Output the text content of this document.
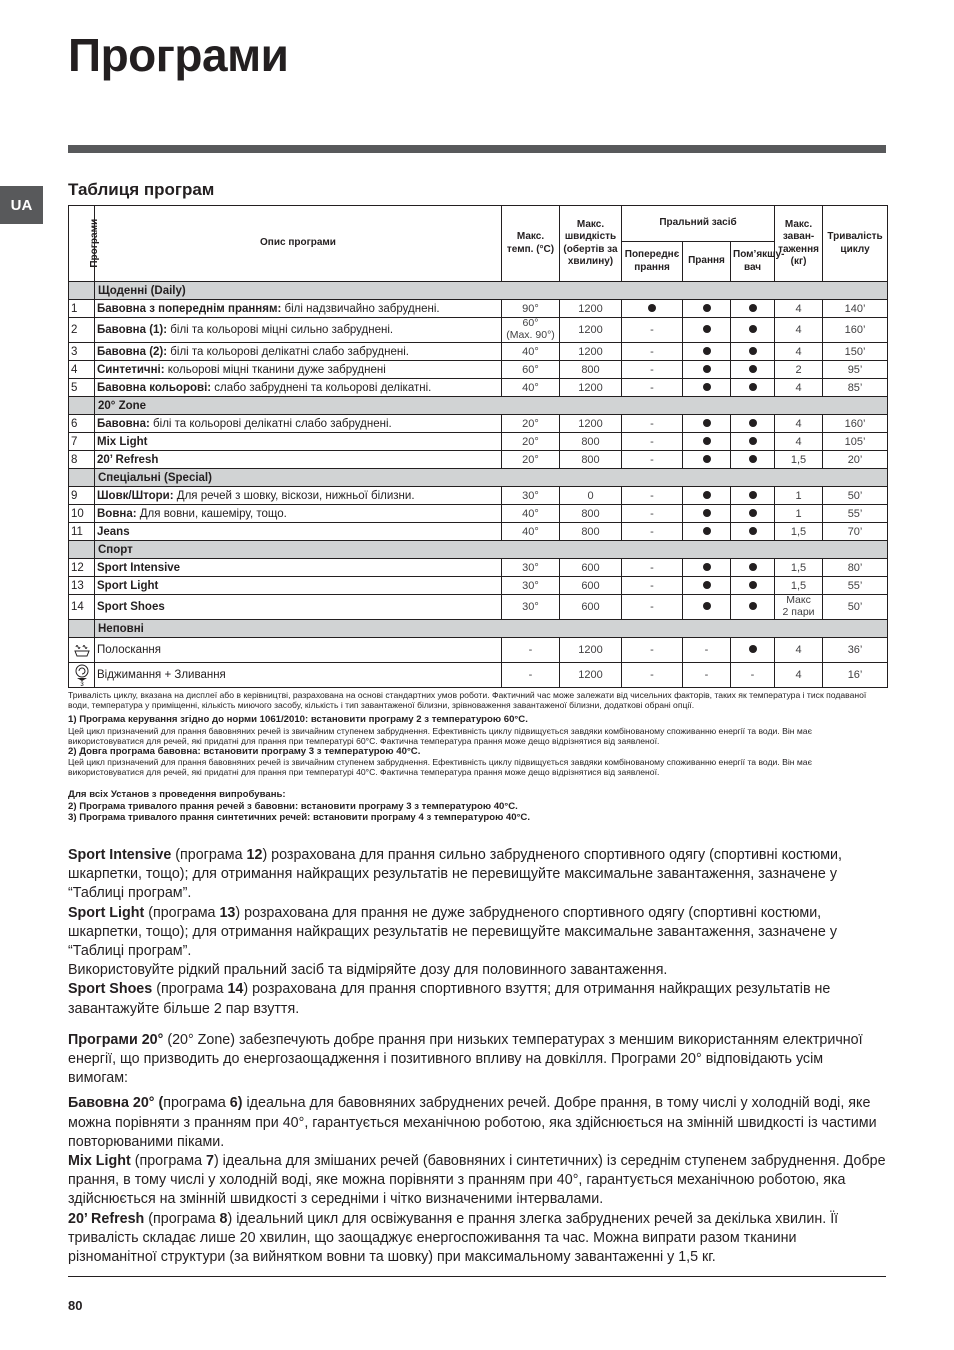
Програми
UA
Таблиця програм
Програми	Опис програми	Макс. темп. (°C)	Макс. швидкість (обертів за хвилину)	Пральний засіб			Макс. заван-таження (кг)	Тривалість циклу
				Попереднє прання	Прання	Пом’якшу-вач		
	Щоденні (Daily)							
1	Бавовна з попереднім пранням: білі надзвичайно забруднені.	90°	1200				4	140’
2	Бавовна (1): білі та кольорові міцні сильно забруднені.	60°
(Max. 90°)	1200	-			4	160’
3	Бавовна (2): білі та кольорові делікатні слабо забруднені.	40°	1200	-			4	150’
4	Синтетичні: кольорові міцні тканини дуже забруднені	60°	800	-			2	95’
5	Бавовна кольорові: слабо забруднені та кольорові делікатні.	40°	1200	-			4	85’
	20° Zone							
6	Бавовна: білі та кольорові делікатні слабо забруднені.	20°	1200	-			4	160’
7	Mix Light	20°	800	-			4	105’
8	20’ Refresh	20°	800	-			1,5	20’
	Спеціальні (Special)							
9	Шовк/Штори: Для речей з шовку, віскози, нижньої білизни.	30°	0	-			1	50’
10	Вовна: Для вовни, кашеміру, тощо.	40°	800	-			1	55’
11	Jeans	40°	800	-			1,5	70’
	Спорт							
12	Sport Intensive	30°	600	-			1,5	80’
13	Sport Light	30°	600	-			1,5	55’
14	Sport Shoes	30°	600	-			Макс
2 пари	50’
	Неповні							
	Полоскання	-	1200	-	-		4	36’

3	Віджимання + Зливання	-	1200	-	-	-	4	16’

Тривалість циклу, вказана на дисплеї або в керівництві, разрахована на основі стандартних умов роботи. Фактичний час може залежати від чисельних факторів, таких як температура і тиск подаваної води, температура у приміщенні, кількість миючого засобу, кількість і тип завантаженої білизни, зрівноваження завантаженої білизни, додаткові обрані опції.

1) Програма керування згідно до норми 1061/2010: встановити програму 2 з температурою 60°C.

Цей цикл призначений для прання бавовняних речей із звичайним ступенем забруднення. Ефективність циклу підвищується завдяки комбінованому споживанню енергії та води. Він має використовуватися для речей, які придатні для прання при температурі 60°C. Фактична температура прання може дещо відрізнятися від заявленої.

2) Довга програма бавовна: встановити програму 3 з температурою 40°C.

Цей цикл призначений для прання бавовняних речей із звичайним ступенем забруднення. Ефективність циклу підвищується завдяки комбінованому споживанню енергії та води. Він має використовуватися для речей, які придатні для прання при температурі 40°C. Фактична температура прання може дещо відрізнятися від заявленої.

Для всіх Установ з проведення випробувань:

2) Програма тривалого прання речей з бавовни: встановити програму 3 з температурою 40°C.

3) Програма тривалого прання синтетичних речей: встановити програму 4 з температурою 40°C.

Sport Intensive (програма 12) розрахована для прання сильно забрудненого спортивного одягу (спортивні костюми, шкарпетки, тощо); для отримання найкращих результатів не перевищуйте максимальне завантаження, зазначене у “Таблиці програм”.

Sport Light (програма 13) розрахована для прання не дуже забрудненого спортивного одягу (спортивні костюми, шкарпетки, тощо); для отримання найкращих результатів не перевищуйте максимальне завантаження, зазначене у “Таблиці програм”.

Використовуйте рідкий пральний засіб та відміряйте дозу для половинного завантаження.

Sport Shoes (програма 14) розрахована для прання спортивного взуття; для отримання найкращих результатів не завантажуйте більше 2 пар взуття.

Програми 20° (20° Zone) забезпечують добре прання при низьких температурах з меншим використанням електричної енергії, що призводить до енергозаощадження і позитивного впливу на довкілля. Програми 20° відповідають усім вимогам:

Бавовна 20° (програма 6) ідеальна для бавовняних забруднених речей. Добре прання, в тому числі у холодній воді, яке можна порівняти з пранням при 40°, гарантується механічною роботою, яка здійснюється на змінній швидкості із частими повторюваними піками.

Mix Light (програма 7) ідеальна для змішаних речей (бавовняних і синтетичних) із середнім ступенем забруднення. Добре прання, в тому числі у холодній воді, яке можна порівняти з пранням при 40°, гарантується механічною роботою, яка здійснюється на змінній швидкості з середніми і чітко визначеними інтервалами.

20’ Refresh (програма 8) ідеальний цикл для освіжування е прання злегка забруднених речей за декілька хвилин. Її тривалість складає лише 20 хвилин, що заощаджує енергоспоживання та час. Можна випрати разом тканини різноманітної структури (за вийнятком вовни та шовку) при максимальному завантаженні у 1,5 кг.

80
